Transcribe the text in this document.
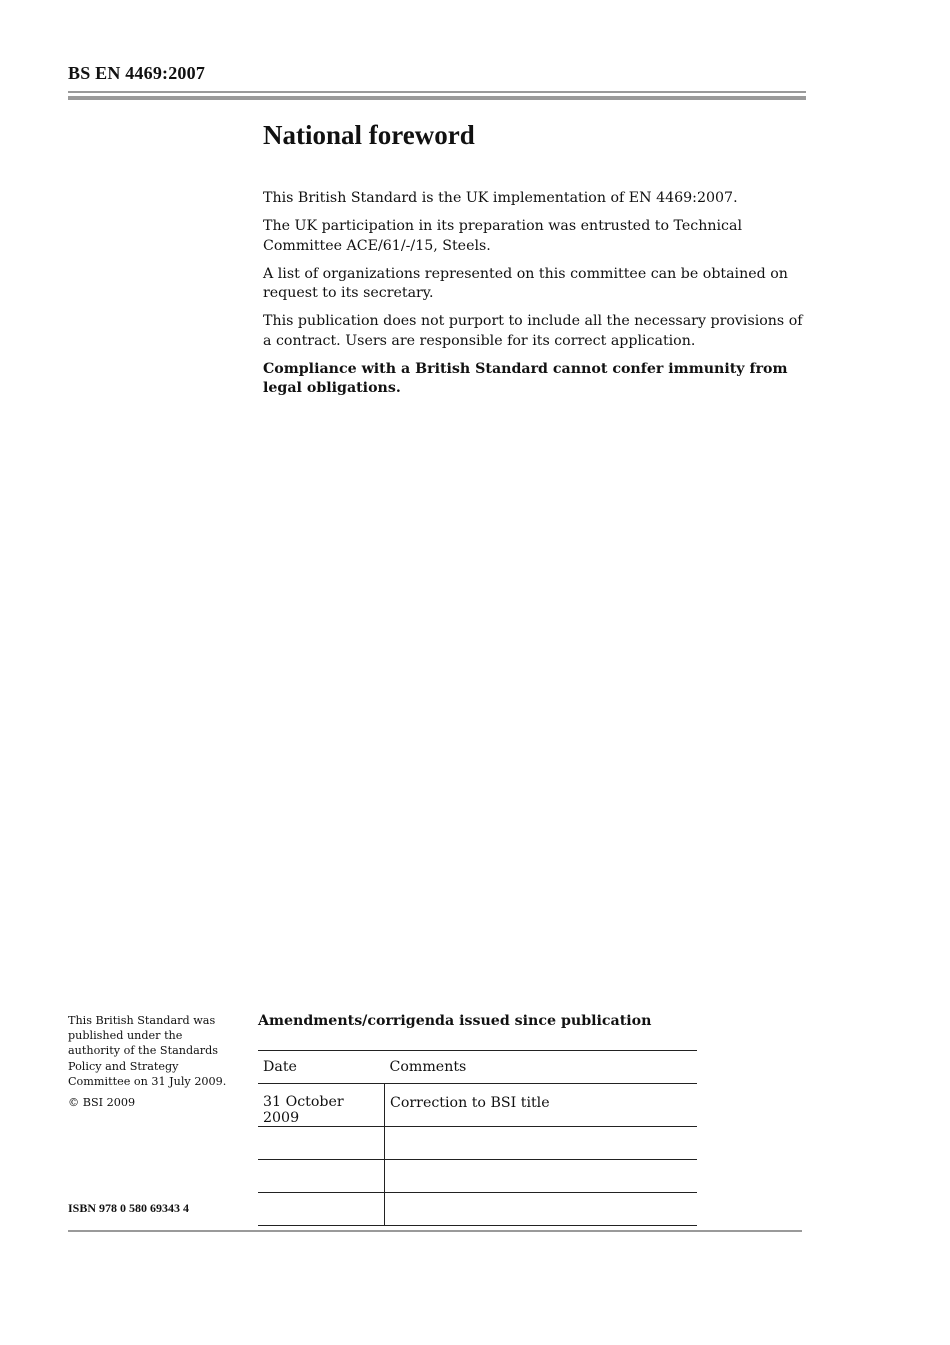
BS EN 4469:2007
National foreword

This British Standard is the UK implementation of EN 4469:2007.

The UK participation in its preparation was entrusted to Technical Committee ACE/61/-/15, Steels.

A list of organizations represented on this committee can be obtained on request to its secretary.

This publication does not purport to include all the necessary provisions of a contract. Users are responsible for its correct application.

Compliance with a British Standard cannot confer immunity from legal obligations.

This British Standard was published under the authority of the Standards Policy and Strategy Committee on 31 July 2009.

© BSI 2009

ISBN 978 0 580 69343 4
Amendments/corrigenda issued since publication
Date	Comments
31 October 2009	Correction to BSI title
